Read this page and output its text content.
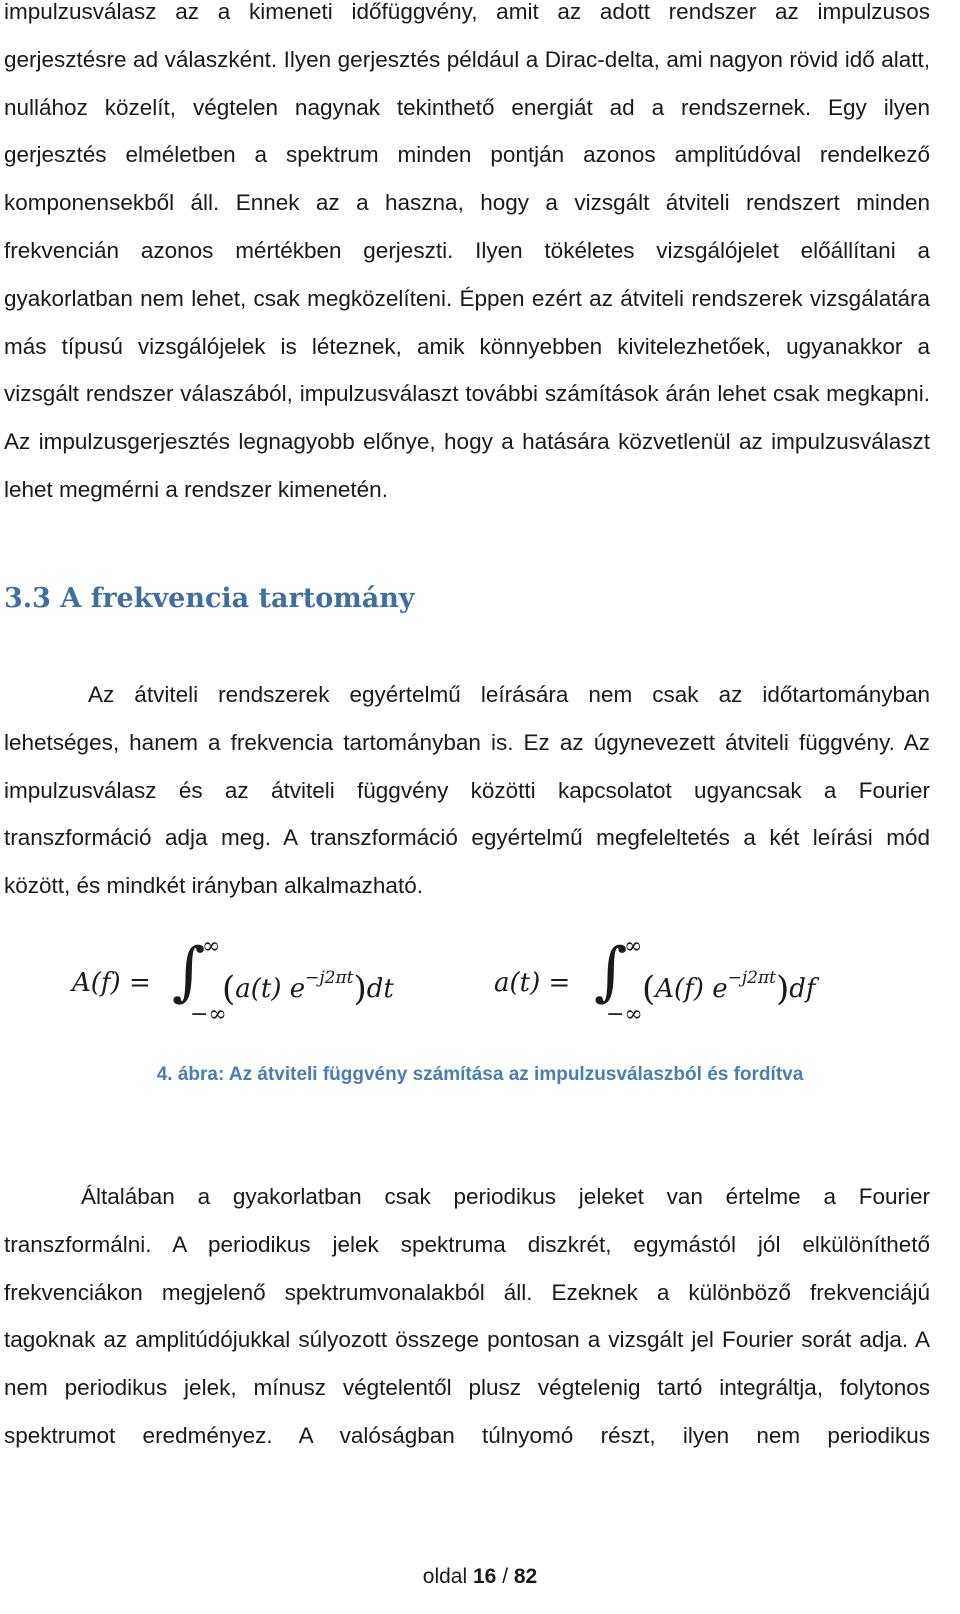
impulzusválasz az a kimeneti időfüggvény, amit az adott rendszer az impulzusos gerjesztésre ad válaszként. Ilyen gerjesztés például a Dirac-delta, ami nagyon rövid idő alatt, nullához közelít, végtelen nagynak tekinthető energiát ad a rendszernek. Egy ilyen gerjesztés elméletben a spektrum minden pontján azonos amplitúdóval rendelkező komponensekből áll. Ennek az a haszna, hogy a vizsgált átviteli rendszert minden frekvencián azonos mértékben gerjeszti. Ilyen tökéletes vizsgálójelet előállítani a gyakorlatban nem lehet, csak megközelíteni. Éppen ezért az átviteli rendszerek vizsgálatára más típusú vizsgálójelek is léteznek, amik könnyebben kivitelezhetőek, ugyanakkor a vizsgált rendszer válaszából, impulzusválaszt további számítások árán lehet csak megkapni. Az impulzusgerjesztés legnagyobb előnye, hogy a hatására közvetlenül az impulzusválaszt lehet megmérni a rendszer kimenetén.

3.3 A frekvencia tartomány

Az átviteli rendszerek egyértelmű leírására nem csak az időtartományban lehetséges, hanem a frekvencia tartományban is. Ez az úgynevezett átviteli függvény. Az impulzusválasz és az átviteli függvény közötti kapcsolatot ugyancsak a Fourier transzformáció adja meg. A transzformáció egyértelmű megfeleltetés a két leírási mód között, és mindkét irányban alkalmazható.

A(f) = ∫
∞
−∞
(a(t) $e^{-j2\pi t})dt$	a(t) = ∫
∞
−∞
(A(f) $e^{-j2\pi t})df$

4. ábra: Az átviteli függvény számítása az impulzusválaszból és fordítva

Általában a gyakorlatban csak periodikus jeleket van értelme a Fourier transzformálni. A periodikus jelek spektruma diszkrét, egymástól jól elkülöníthető frekvenciákon megjelenő spektrumvonalakból áll. Ezeknek a különböző frekvenciájú tagoknak az amplitúdójukkal súlyozott összege pontosan a vizsgált jel Fourier sorát adja. A nem periodikus jelek, mínusz végtelentől plusz végtelenig tartó integráltja, folytonos spektrumot eredményez. A valóságban túlnyomó részt, ilyen nem periodikus

oldal 16 / 82
